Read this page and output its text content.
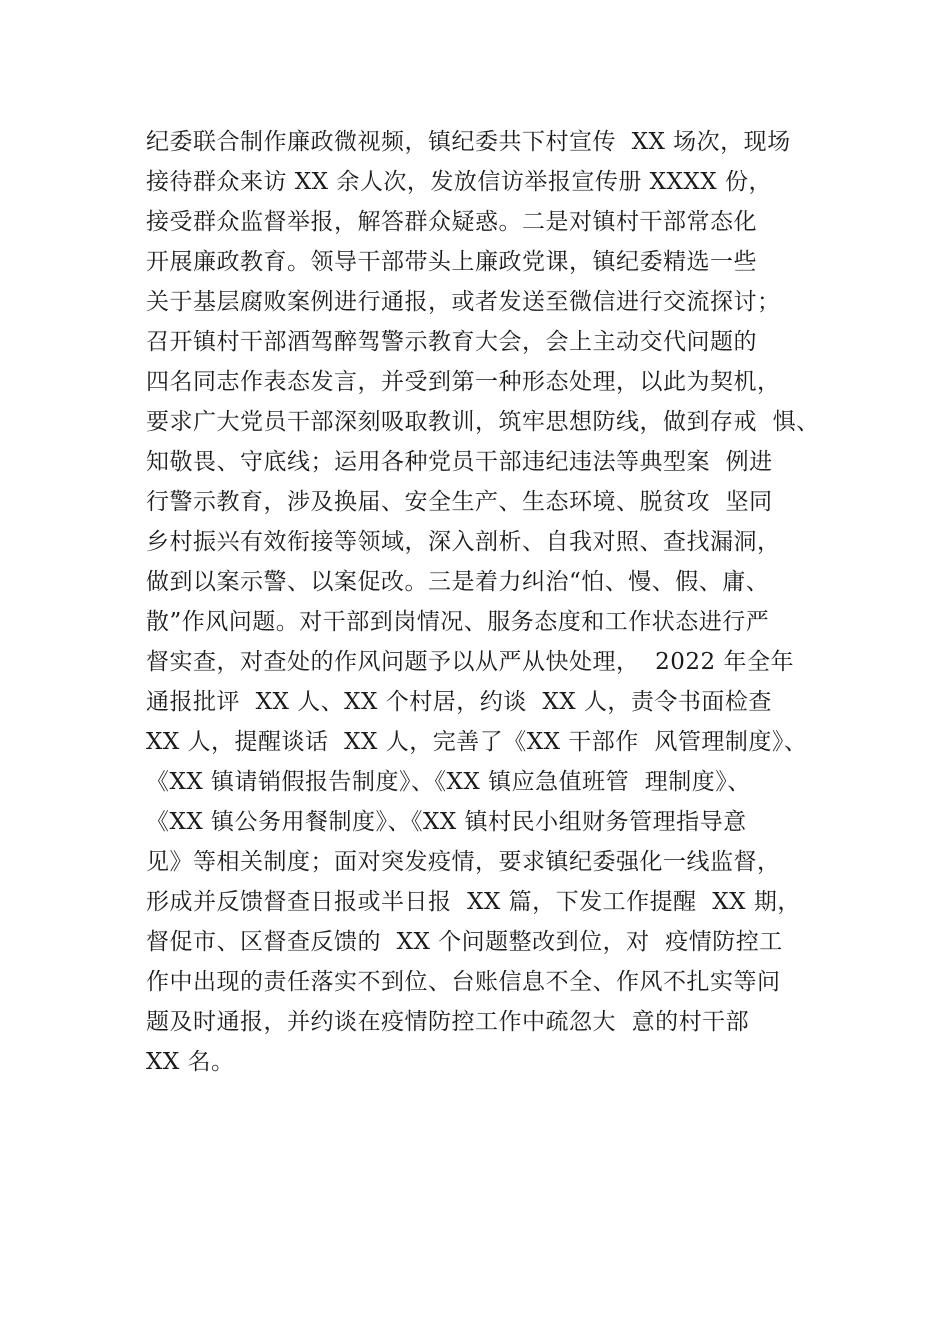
纪委联合制作廉政微视频，镇纪委共下村宣传  XX 场次，现场
接待群众来访 XX 余人次，发放信访举报宣传册 XXXX 份，
接受群众监督举报，解答群众疑惑。二是对镇村干部常态化
开展廉政教育。领导干部带头上廉政党课，镇纪委精选一些
关于基层腐败案例进行通报，或者发送至微信进行交流探讨；
召开镇村干部酒驾醉驾警示教育大会，会上主动交代问题的
四名同志作表态发言，并受到第一种形态处理，以此为契机，
要求广大党员干部深刻吸取教训，筑牢思想防线，做到存戒  惧、
知敬畏、守底线；运用各种党员干部违纪违法等典型案  例进
行警示教育，涉及换届、安全生产、生态环境、脱贫攻  坚同
乡村振兴有效衔接等领域，深入剖析、自我对照、查找漏洞，
做到以案示警、以案促改。三是着力纠治“怕、慢、假、庸、
散”作风问题。对干部到岗情况、服务态度和工作状态进行严
督实查，对查处的作风问题予以从严从快处理，  2022 年全年
通报批评  XX 人、XX 个村居，约谈  XX 人，责令书面检查
XX 人，提醒谈话  XX 人，完善了《XX 干部作  风管理制度》、
《XX 镇请销假报告制度》、《XX 镇应急值班管  理制度》、
《XX 镇公务用餐制度》、《XX 镇村民小组财务管理指导意
见》等相关制度；面对突发疫情，要求镇纪委强化一线监督，
形成并反馈督查日报或半日报  XX 篇，下发工作提醒  XX 期，
督促市、区督查反馈的  XX 个问题整改到位，对  疫情防控工
作中出现的责任落实不到位、台账信息不全、作风不扎实等问
题及时通报，并约谈在疫情防控工作中疏忽大  意的村干部
XX 名。
